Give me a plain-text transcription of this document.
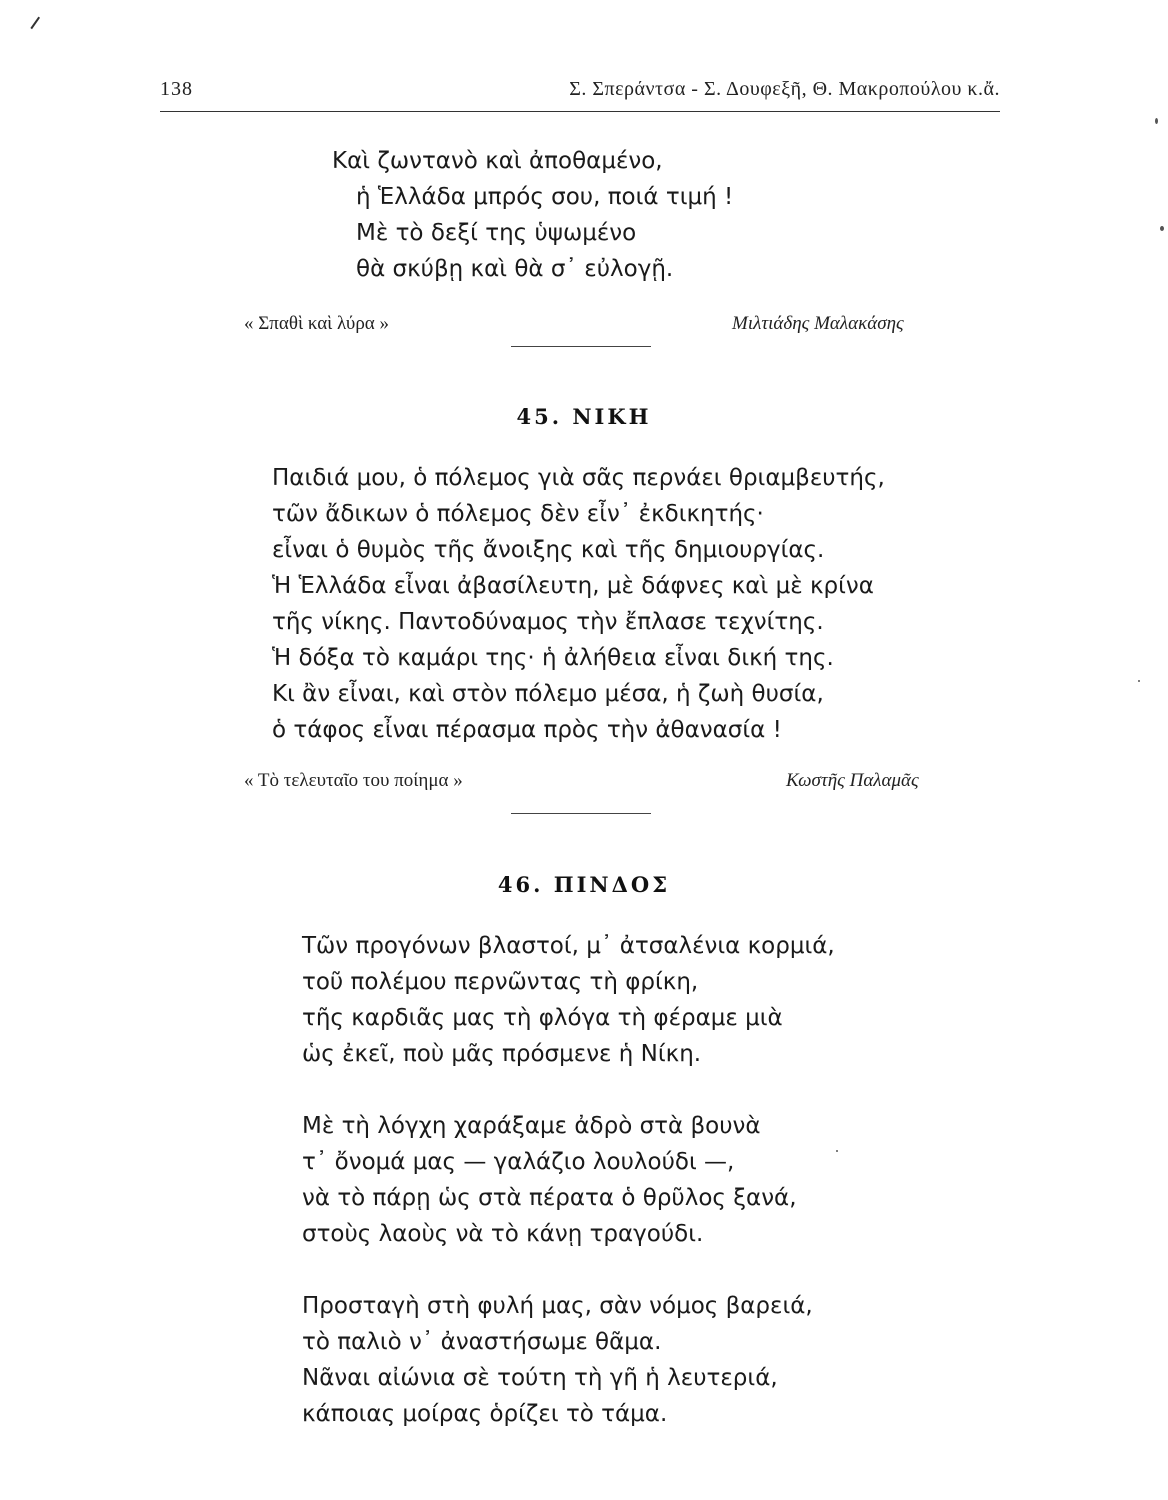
138	Σ. Σπεράντσα - Σ. Δουφεξῆ, Θ. Μακροπούλου κ.ἄ.
Καὶ ζωντανὸ καὶ ἀποθαμένο,
ἡ Ἑλλάδα μπρός σου, ποιά τιμή !
Μὲ τὸ δεξί της ὑψωμένο
θὰ σκύβῃ καὶ θὰ σ᾽ εὐλογῇ.
« Σπαθὶ καὶ λύρα »	Μιλτιάδης Μαλακάσης
45. ΝΙΚΗ
Παιδιά μου, ὁ πόλεμος γιὰ σᾶς περνάει θριαμβευτής,
τῶν ἄδικων ὁ πόλεμος δὲν εἶν᾽ ἐκδικητής·
εἶναι ὁ θυμὸς τῆς ἄνοιξης καὶ τῆς δημιουργίας.
Ἡ Ἑλλάδα εἶναι ἀβασίλευτη, μὲ δάφνες καὶ μὲ κρίνα
τῆς νίκης. Παντοδύναμος τὴν ἔπλασε τεχνίτης.
Ἡ δόξα τὸ καμάρι της· ἡ ἀλήθεια εἶναι δική της.
Κι ἂν εἶναι, καὶ στὸν πόλεμο μέσα, ἡ ζωὴ θυσία,
ὁ τάφος εἶναι πέρασμα πρὸς τὴν ἀθανασία !
« Τὸ τελευταῖο του ποίημα »	Κωστῆς Παλαμᾶς
46. ΠΙΝΔΟΣ
Τῶν προγόνων βλαστοί, μ᾽ ἀτσαλένια κορμιά,
τοῦ πολέμου περνῶντας τὴ φρίκη,
τῆς καρδιᾶς μας τὴ φλόγα τὴ φέραμε μιὰ
ὡς ἐκεῖ, ποὺ μᾶς πρόσμενε ἡ Νίκη.
Μὲ τὴ λόγχη χαράξαμε ἀδρὸ στὰ βουνὰ
τ᾽ ὄνομά μας — γαλάζιο λουλούδι —,
νὰ τὸ πάρῃ ὡς στὰ πέρατα ὁ θρῦλος ξανά,
στοὺς λαοὺς νὰ τὸ κάνῃ τραγούδι.
Προσταγὴ στὴ φυλή μας, σὰν νόμος βαρειά,
τὸ παλιὸ ν᾽ ἀναστήσωμε θᾶμα.
Νᾶναι αἰώνια σὲ τούτη τὴ γῆ ἡ λευτεριά,
κάποιας μοίρας ὁρίζει τὸ τάμα.
